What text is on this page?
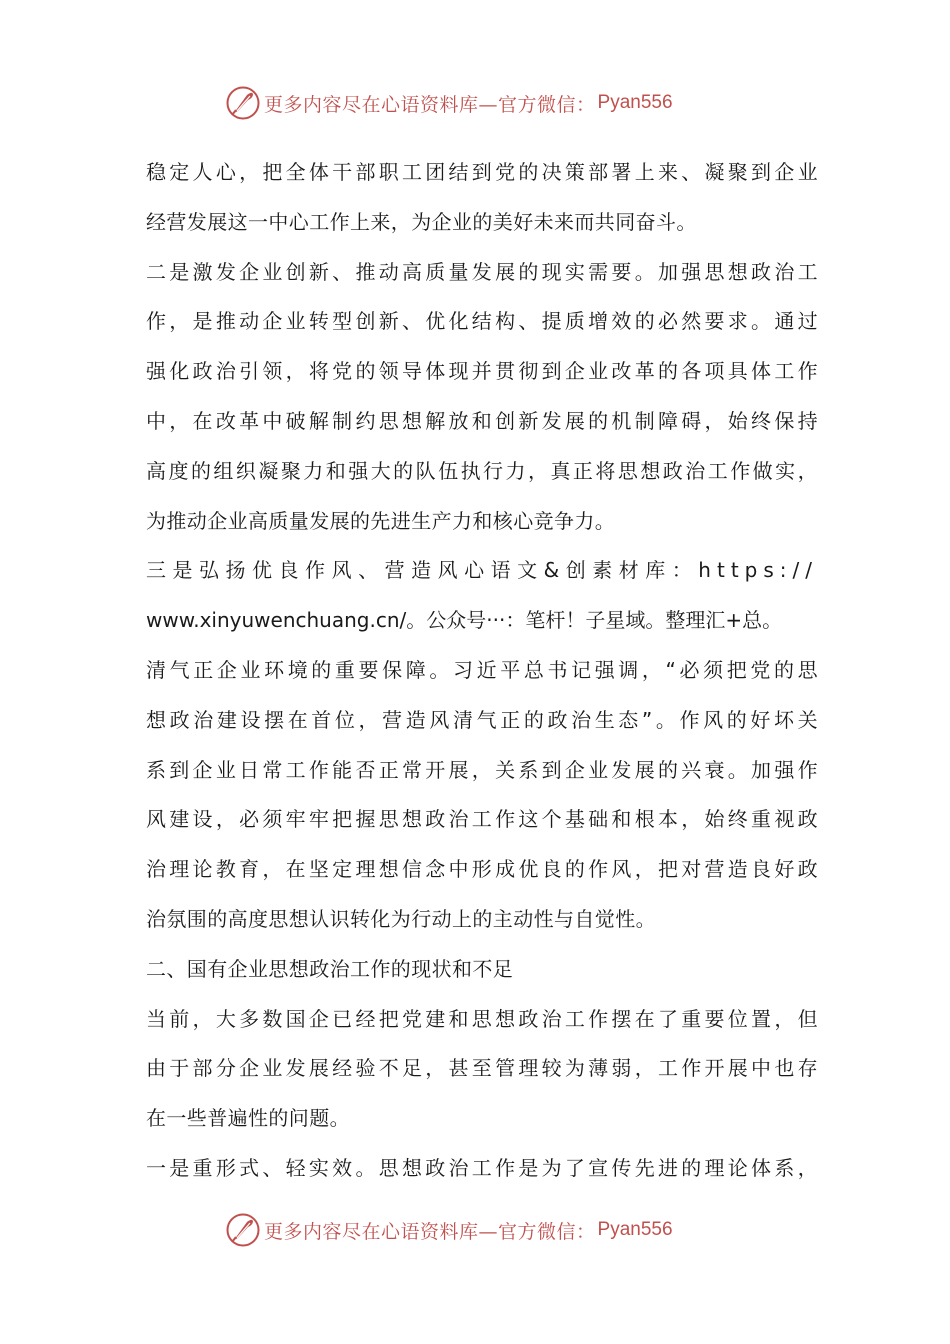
更多内容尽在心语资料库—官方微信： Pyan556
稳定人心，把全体干部职工团结到党的决策部署上来、凝聚到企业
经营发展这一中心工作上来，为企业的美好未来而共同奋斗。
二是激发企业创新、推动高质量发展的现实需要。加强思想政治工
作，是推动企业转型创新、优化结构、提质增效的必然要求。通过
强化政治引领，将党的领导体现并贯彻到企业改革的各项具体工作
中，在改革中破解制约思想解放和创新发展的机制障碍，始终保持
高度的组织凝聚力和强大的队伍执行力，真正将思想政治工作做实，
为推动企业高质量发展的先进生产力和核心竞争力。
三是弘扬优良作风、营造风心语文&创素材库：https://
www.xinyuwenchuang.cn/。公众号···：笔杆！子星域。整理汇+总。
清气正企业环境的重要保障。习近平总书记强调，“必须把党的思
想政治建设摆在首位，营造风清气正的政治生态”。作风的好坏关
系到企业日常工作能否正常开展，关系到企业发展的兴衰。加强作
风建设，必须牢牢把握思想政治工作这个基础和根本，始终重视政
治理论教育，在坚定理想信念中形成优良的作风，把对营造良好政
治氛围的高度思想认识转化为行动上的主动性与自觉性。
二、国有企业思想政治工作的现状和不足
当前，大多数国企已经把党建和思想政治工作摆在了重要位置，但
由于部分企业发展经验不足，甚至管理较为薄弱，工作开展中也存
在一些普遍性的问题。
一是重形式、轻实效。思想政治工作是为了宣传先进的理论体系，
更多内容尽在心语资料库—官方微信： Pyan556
